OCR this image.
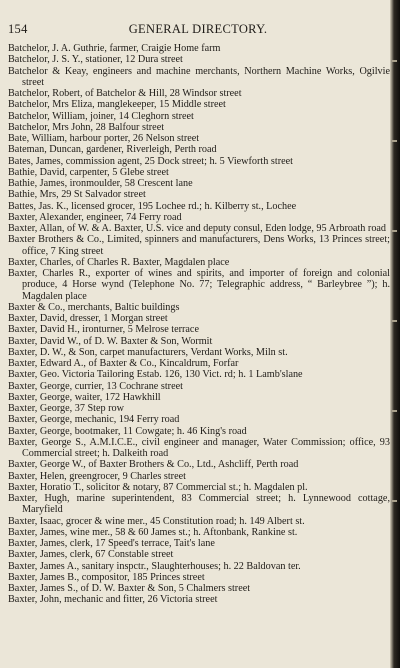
154	GENERAL DIRECTORY.
Batchelor, J. A. Guthrie, farmer, Craigie Home farm
Batchelor, J. S. Y., stationer, 12 Dura street
Batchelor & Keay, engineers and machine merchants, Northern Machine Works, Ogilvie street
Batchelor, Robert, of Batchelor & Hill, 28 Windsor street
Batchelor, Mrs Eliza, manglekeeper, 15 Middle street
Batchelor, William, joiner, 14 Cleghorn street
Batchelor, Mrs John, 28 Balfour street
Bate, William, harbour porter, 26 Nelson street
Bateman, Duncan, gardener, Riverleigh, Perth road
Bates, James, commission agent, 25 Dock street; h. 5 Viewforth street
Bathie, David, carpenter, 5 Glebe street
Bathie, James, ironmoulder, 58 Crescent lane
Bathie, Mrs, 29 St Salvador street
Battes, Jas. K., licensed grocer, 195 Lochee rd.; h. Kilberry st., Lochee
Baxter, Alexander, engineer, 74 Ferry road
Baxter, Allan, of W. & A. Baxter, U.S. vice and deputy consul, Eden lodge, 95 Arbroath road
Baxter Brothers & Co., Limited, spinners and manufacturers, Dens Works, 13 Princes street; office, 7 King street
Baxter, Charles, of Charles R. Baxter, Magdalen place
Baxter, Charles R., exporter of wines and spirits, and importer of foreign and colonial produce, 4 Horse wynd (Telephone No. 77; Telegraphic address, “ Barleybree ”); h. Magdalen place
Baxter & Co., merchants, Baltic buildings
Baxter, David, dresser, 1 Morgan street
Baxter, David H., ironturner, 5 Melrose terrace
Baxter, David W., of D. W. Baxter & Son, Wormit
Baxter, D. W., & Son, carpet manufacturers, Verdant Works, Miln st.
Baxter, Edward A., of Baxter & Co., Kincaldrum, Forfar
Baxter, Geo. Victoria Tailoring Estab. 126, 130 Vict. rd; h. 1 Lamb'slane
Baxter, George, currier, 13 Cochrane street
Baxter, George, waiter, 172 Hawkhill
Baxter, George, 37 Step row
Baxter, George, mechanic, 194 Ferry road
Baxter, George, bootmaker, 11 Cowgate; h. 46 King's road
Baxter, George S., A.M.I.C.E., civil engineer and manager, Water Commission; office, 93 Commercial street; h. Dalkeith road
Baxter, George W., of Baxter Brothers & Co., Ltd., Ashcliff, Perth road
Baxter, Helen, greengrocer, 9 Charles street
Baxter, Horatio T., solicitor & notary, 87 Commercial st.; h. Magdalen pl.
Baxter, Hugh, marine superintendent, 83 Commercial street; h. Lynnewood cottage, Maryfield
Baxter, Isaac, grocer & wine mer., 45 Constitution road; h. 149 Albert st.
Baxter, James, wine mer., 58 & 60 James st.; h. Aftonbank, Rankine st.
Baxter, James, clerk, 17 Speed's terrace, Tait's lane
Baxter, James, clerk, 67 Constable street
Baxter, James A., sanitary inspctr., Slaughterhouses; h. 22 Baldovan ter.
Baxter, James B., compositor, 185 Princes street
Baxter, James S., of D. W. Baxter & Son, 5 Chalmers street
Baxter, John, mechanic and fitter, 26 Victoria street
